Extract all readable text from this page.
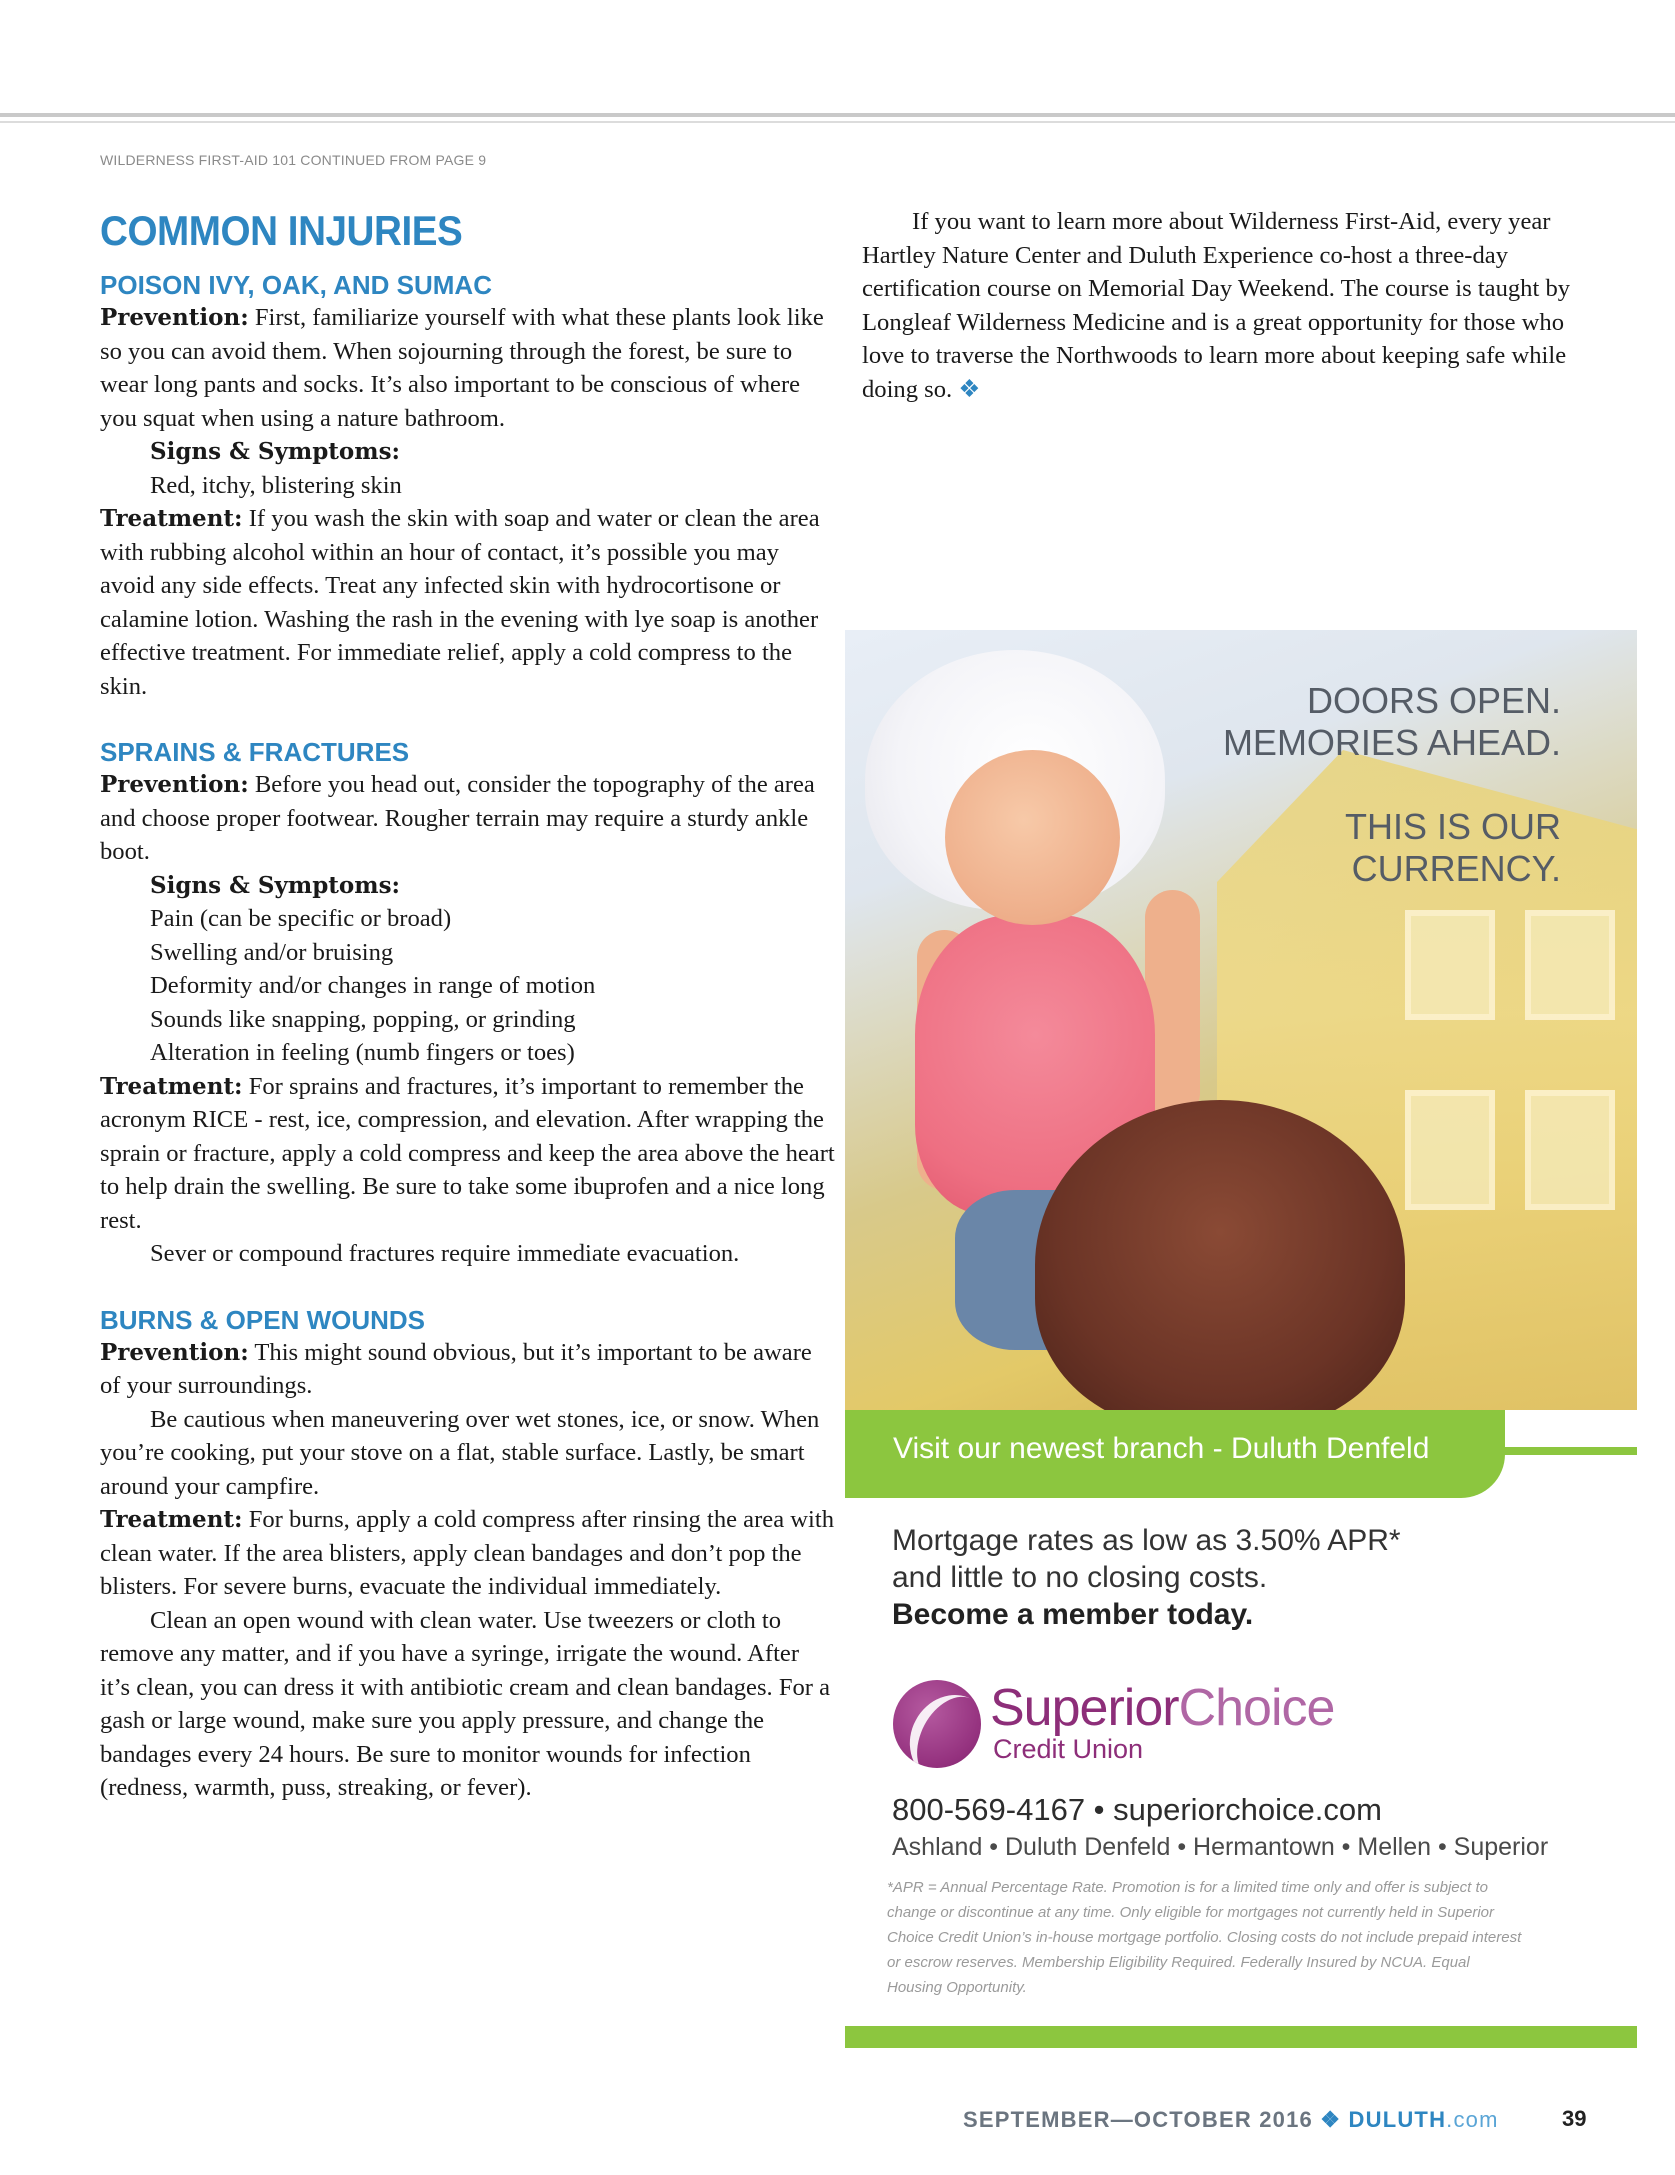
WILDERNESS FIRST-AID 101 CONTINUED FROM PAGE 9
COMMON INJURIES
POISON IVY, OAK, AND SUMAC

Prevention: First, familiarize yourself with what these plants look like so you can avoid them. When sojourning through the forest, be sure to wear long pants and socks. It’s also important to be conscious of where you squat when using a nature bathroom.

Signs & Symptoms:

Red, itchy, blistering skin

Treatment: If you wash the skin with soap and water or clean the area with rubbing alcohol within an hour of contact, it’s possible you may avoid any side effects. Treat any infected skin with hydrocortisone or calamine lotion. Washing the rash in the evening with lye soap is another effective treatment. For immediate relief, apply a cold compress to the skin.

SPRAINS & FRACTURES

Prevention: Before you head out, consider the topography of the area and choose proper footwear. Rougher terrain may require a sturdy ankle boot.

Signs & Symptoms:

Pain (can be specific or broad)

Swelling and/or bruising

Deformity and/or changes in range of motion

Sounds like snapping, popping, or grinding

Alteration in feeling (numb fingers or toes)

Treatment: For sprains and fractures, it’s important to remember the acronym RICE - rest, ice, compression, and elevation. After wrapping the sprain or fracture, apply a cold compress and keep the area above the heart to help drain the swelling. Be sure to take some ibuprofen and a nice long rest.

Sever or compound fractures require immediate evacuation.

BURNS & OPEN WOUNDS

Prevention: This might sound obvious, but it’s important to be aware of your surroundings.

Be cautious when maneuvering over wet stones, ice, or snow. When you’re cooking, put your stove on a flat, stable surface. Lastly, be smart around your campfire.

Treatment: For burns, apply a cold compress after rinsing the area with clean water. If the area blisters, apply clean bandages and don’t pop the blisters. For severe burns, evacuate the individual immediately.

Clean an open wound with clean water. Use tweezers or cloth to remove any matter, and if you have a syringe, irrigate the wound. After it’s clean, you can dress it with antibiotic cream and clean bandages. For a gash or large wound, make sure you apply pressure, and change the bandages every 24 hours. Be sure to monitor wounds for infection (redness, warmth, puss, streaking, or fever).

If you want to learn more about Wilderness First-Aid, every year Hartley Nature Center and Duluth Experience co-host a three-day certification course on Memorial Day Weekend. The course is taught by Longleaf Wilderness Medicine and is a great opportunity for those who love to traverse the Northwoods to learn more about keeping safe while doing so. ❖

DOORS OPEN.
MEMORIES AHEAD.
THIS IS OUR
CURRENCY.
Visit our newest branch - Duluth Denfeld
Mortgage rates as low as 3.50% APR*
and little to no closing costs.
Become a member today.
SuperiorChoice
Credit Union
800-569-4167 • superiorchoice.com
Ashland • Duluth Denfeld • Hermantown • Mellen • Superior
*APR = Annual Percentage Rate. Promotion is for a limited time only and offer is subject to change or discontinue at any time. Only eligible for mortgages not currently held in Superior Choice Credit Union’s in-house mortgage portfolio. Closing costs do not include prepaid interest or escrow reserves. Membership Eligibility Required. Federally Insured by NCUA. Equal Housing Opportunity.
SEPTEMBER—OCTOBER 2016 ❖ DULUTH.com	39
